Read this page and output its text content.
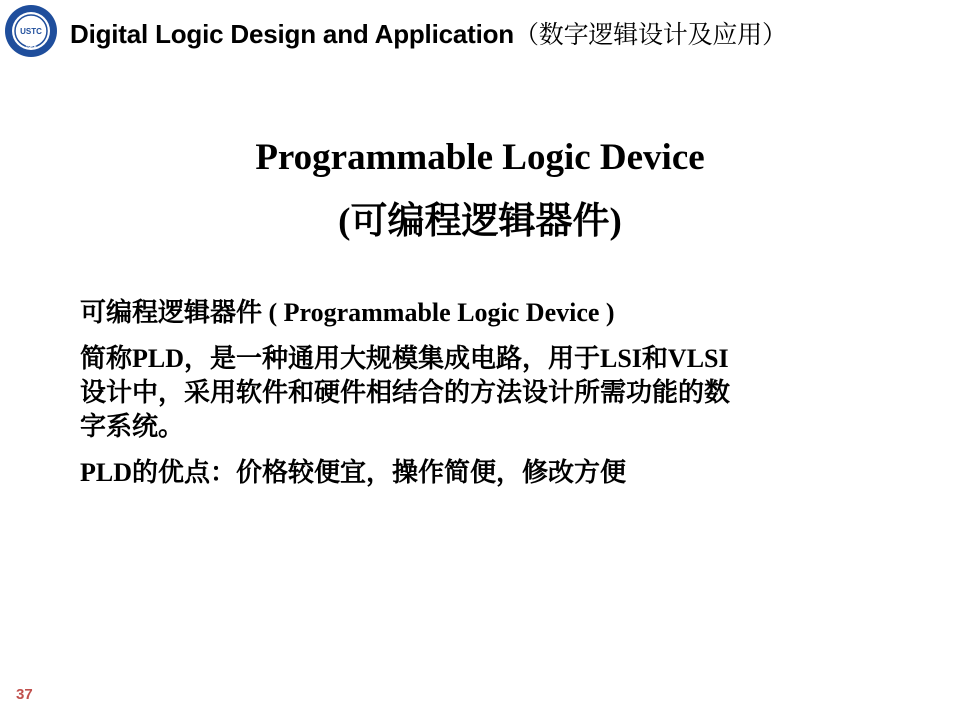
USTC
1958 Digital Logic Design and Application（数字逻辑设计及应用）
Programmable Logic Device
(可编程逻辑器件)

可编程逻辑器件 ( Programmable Logic Device )

简称PLD，是一种通用大规模集成电路，用于LSI和VLSI
设计中，采用软件和硬件相结合的方法设计所需功能的数
字系统。

PLD的优点：价格较便宜，操作简便，修改方便

37
